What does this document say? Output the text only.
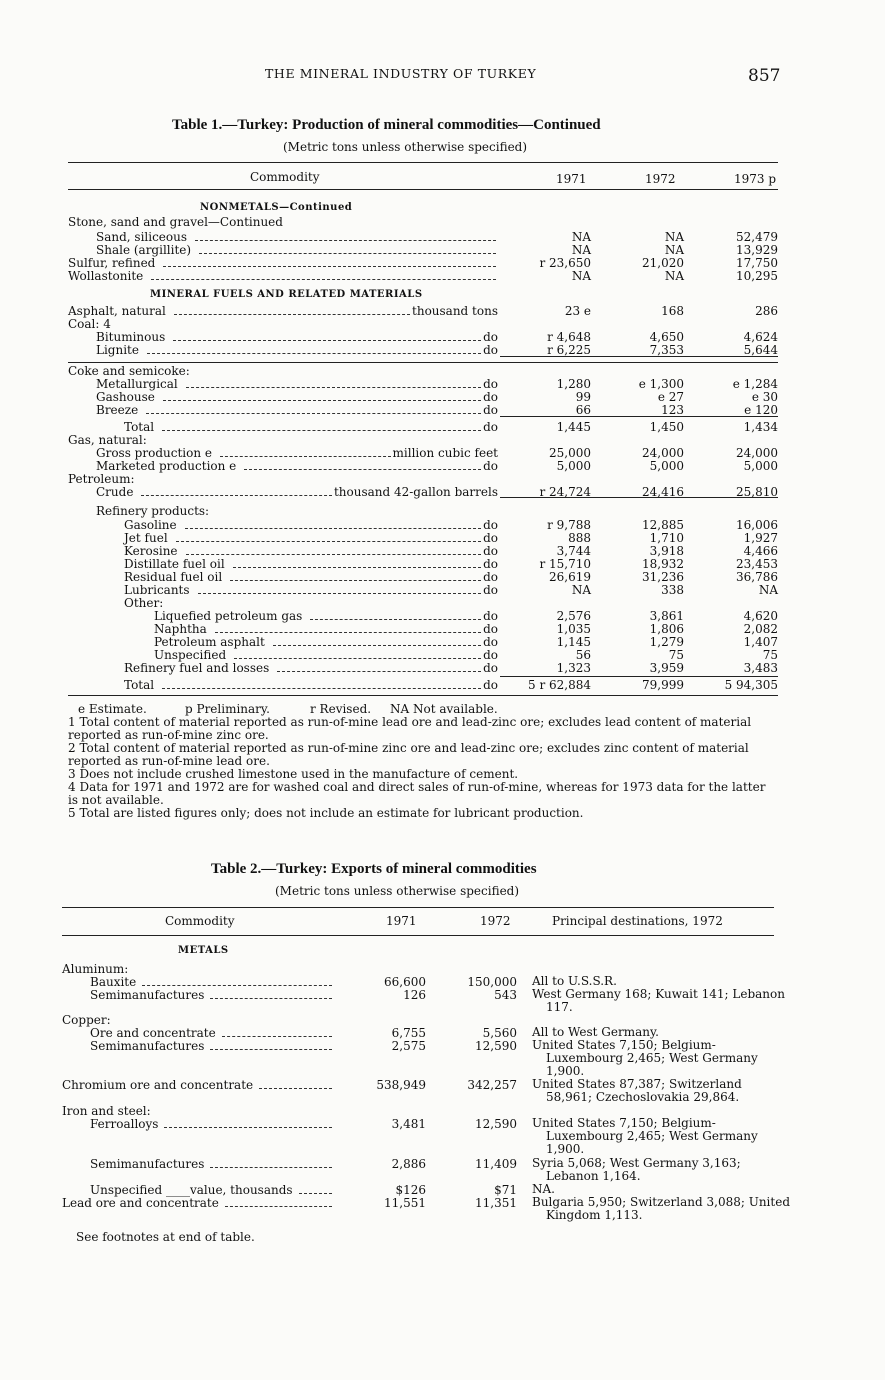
THE MINERAL INDUSTRY OF TURKEY	857
Table 1.—Turkey: Production of mineral commodities—Continued
(Metric tons unless otherwise specified)
Commodity	1971	1972	1973 p
NONMETALS—Continued
Stone, sand and gravel—Continued
Sand, siliceous	NA	NA	52,479
Shale (argillite)	NA	NA	13,929
Sulfur, refined	r 23,650	21,020	17,750
Wollastonite	NA	NA	10,295
MINERAL FUELS AND RELATED MATERIALS
Asphalt, natural	thousand tons	23 e	168	286
Coal: 4
Bituminous	do	r 4,648	4,650	4,624
Lignite	do	r 6,225	7,353	5,644
Coke and semicoke:
Metallurgical	do	1,280	e 1,300	e 1,284
Gashouse	do	99	e 27	e 30
Breeze	do	66	123	e 120
Total	do	1,445	1,450	1,434
Gas, natural:
Gross production e	million cubic feet	25,000	24,000	24,000
Marketed production e	do	5,000	5,000	5,000
Petroleum:
Crude	thousand 42-gallon barrels	r 24,724	24,416	25,810
Refinery products:
Gasoline	do	r 9,788	12,885	16,006
Jet fuel	do	888	1,710	1,927
Kerosine	do	3,744	3,918	4,466
Distillate fuel oil	do	r 15,710	18,932	23,453
Residual fuel oil	do	26,619	31,236	36,786
Lubricants	do	NA	338	NA
Other:
Liquefied petroleum gas	do	2,576	3,861	4,620
Naphtha	do	1,035	1,806	2,082
Petroleum asphalt	do	1,145	1,279	1,407
Unspecified	do	56	75	75
Refinery fuel and losses	do	1,323	3,959	3,483
Total	do	5 r 62,884	79,999	5 94,305
e Estimate.	p Preliminary.	r Revised. NA Not available.
1 Total content of material reported as run-of-mine lead ore and lead-zinc ore; excludes lead content of material reported as run-of-mine zinc ore.
2 Total content of material reported as run-of-mine zinc ore and lead-zinc ore; excludes zinc content of material reported as run-of-mine lead ore.
3 Does not include crushed limestone used in the manufacture of cement.
4 Data for 1971 and 1972 are for washed coal and direct sales of run-of-mine, whereas for 1973 data for the latter is not available.
5 Total are listed figures only; does not include an estimate for lubricant production.
Table 2.—Turkey: Exports of mineral commodities
(Metric tons unless otherwise specified)
Commodity	1971	1972	Principal destinations, 1972
METALS
Aluminum:
Bauxite	66,600	150,000 All to U.S.S.R.
Semimanufactures	126	543 West Germany 168; Kuwait 141; Lebanon 117.
Copper:
Ore and concentrate	6,755	5,560 All to West Germany.
Semimanufactures	2,575	12,590 United States 7,150; Belgium-Luxembourg 2,465; West Germany 1,900.
Chromium ore and concentrate	538,949	342,257 United States 87,387; Switzerland 58,961; Czechoslovakia 29,864.
Iron and steel:
Ferroalloys	3,481	12,590 United States 7,150; Belgium-Luxembourg 2,465; West Germany 1,900.
Semimanufactures	2,886	11,409 Syria 5,068; West Germany 3,163; Lebanon 1,164.
Unspecified ____value, thousands	$126	$71 NA.
Lead ore and concentrate	11,551	11,351 Bulgaria 5,950; Switzerland 3,088; United Kingdom 1,113.
See footnotes at end of table.
